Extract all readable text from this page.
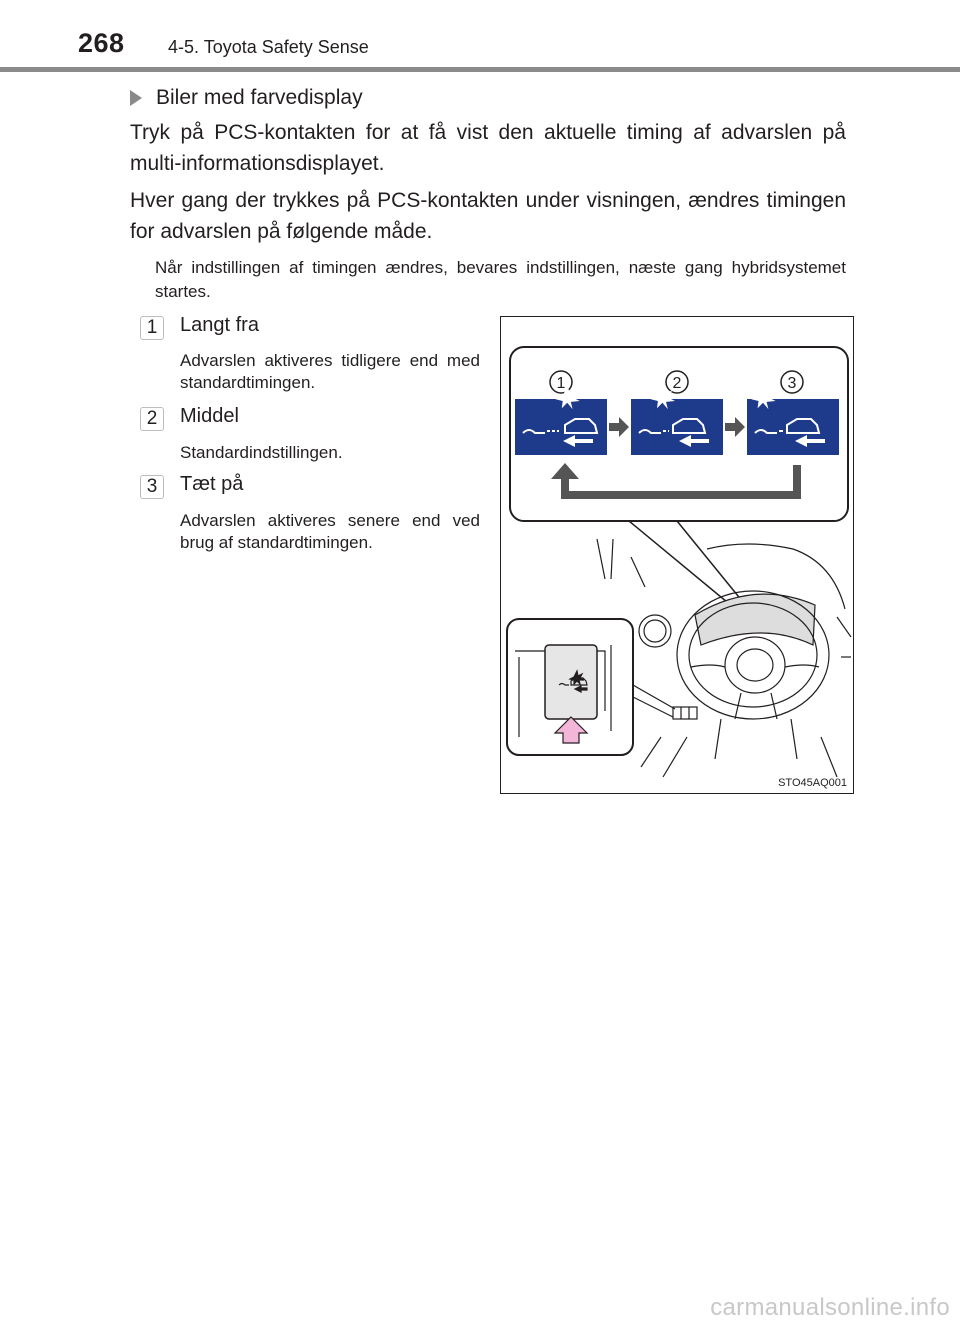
268 4-5. Toyota Safety Sense
Biler med farvedisplay
Tryk på PCS-kontakten for at få vist den aktuelle timing af advarslen på multi-informationsdisplayet.
Hver gang der trykkes på PCS-kontakten under visningen, ændres timingen for advarslen på følgende måde.
Når indstillingen af timingen ændres, bevares indstillingen, næste gang hybridsystemet startes.
1	Langt fra
Advarslen aktiveres tidligere end med standardtimingen.
2	Middel
Standardindstillingen.
3	Tæt på
Advarslen aktiveres senere end ved brug af standardtimingen.
1	2	3
STO45AQ001
carmanualsonline.info
